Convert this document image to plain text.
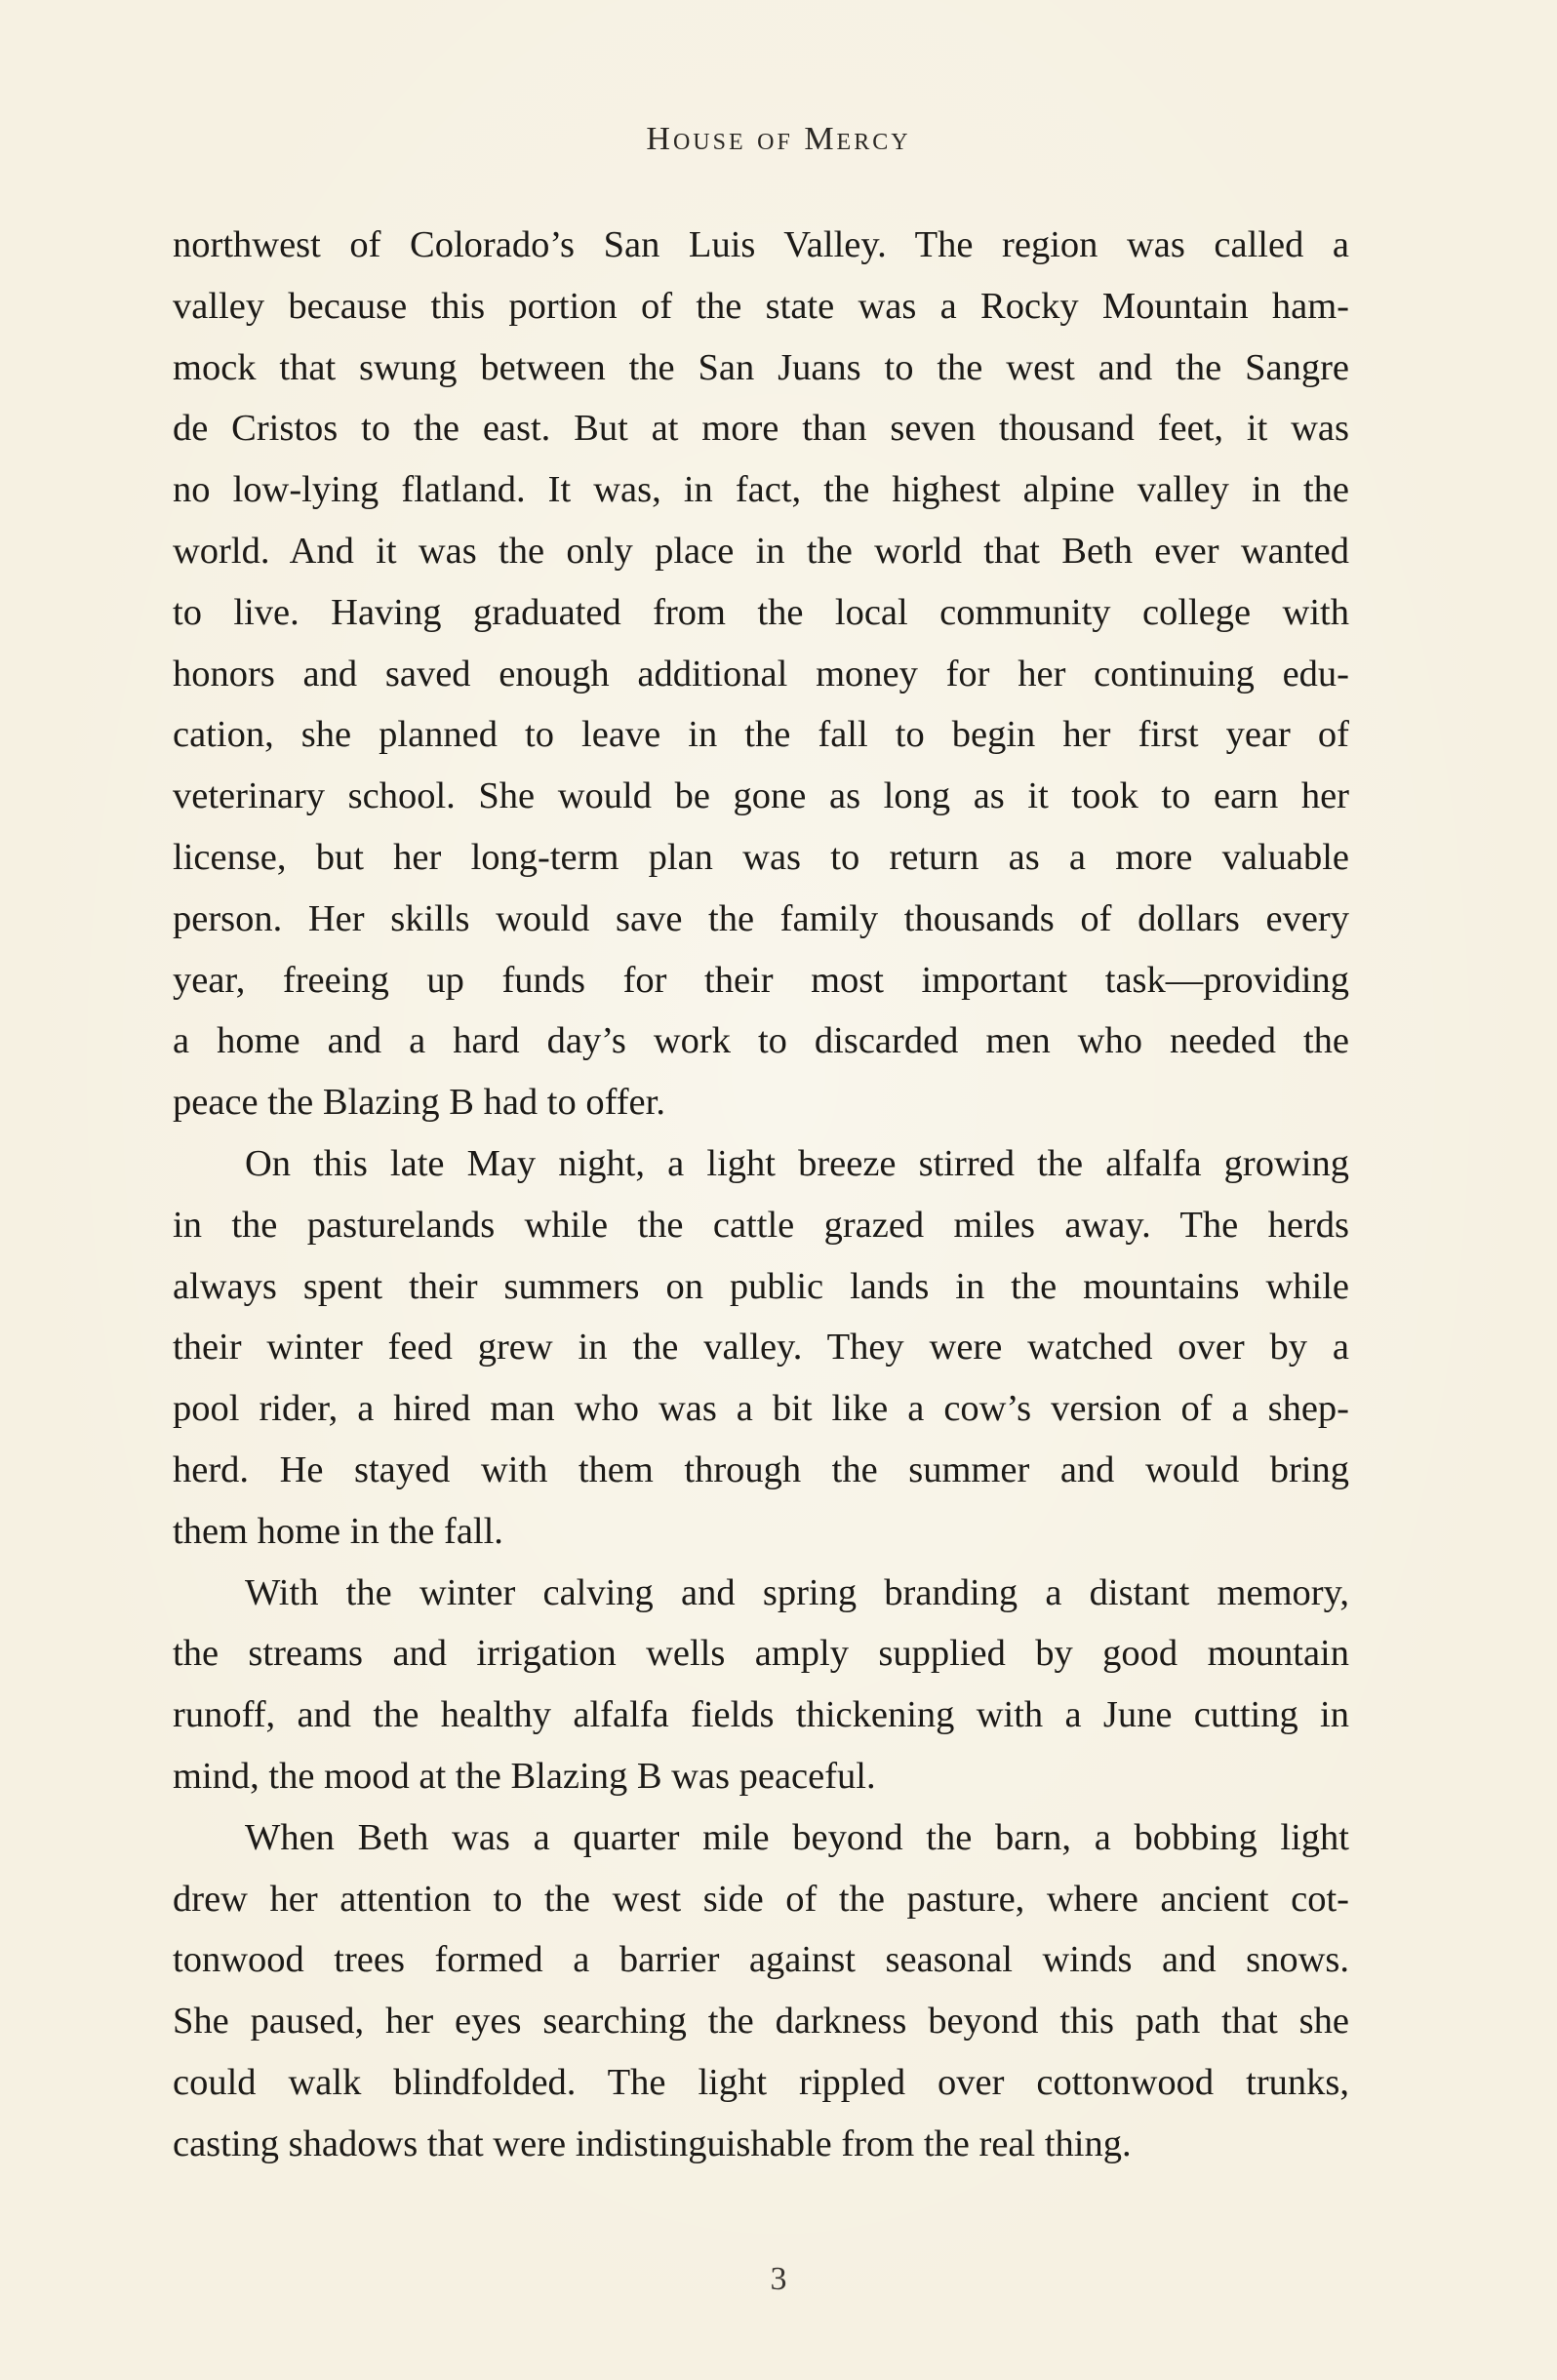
House of Mercy
northwest of Colorado’s San Luis Valley. The region was called a
valley because this portion of the state was a Rocky Mountain ham-
mock that swung between the San Juans to the west and the Sangre
de Cristos to the east. But at more than seven thousand feet, it was
no low-lying flatland. It was, in fact, the highest alpine valley in the
world. And it was the only place in the world that Beth ever wanted
to live. Having graduated from the local community college with
honors and saved enough additional money for her continuing edu-
cation, she planned to leave in the fall to begin her first year of
veterinary school. She would be gone as long as it took to earn her
license, but her long-term plan was to return as a more valuable
person. Her skills would save the family thousands of dollars every
year, freeing up funds for their most important task—providing
a home and a hard day’s work to discarded men who needed the
peace the Blazing B had to offer.
On this late May night, a light breeze stirred the alfalfa growing
in the pasturelands while the cattle grazed miles away. The herds
always spent their summers on public lands in the mountains while
their winter feed grew in the valley. They were watched over by a
pool rider, a hired man who was a bit like a cow’s version of a shep-
herd. He stayed with them through the summer and would bring
them home in the fall.
With the winter calving and spring branding a distant memory,
the streams and irrigation wells amply supplied by good mountain
runoff, and the healthy alfalfa fields thickening with a June cutting in
mind, the mood at the Blazing B was peaceful.
When Beth was a quarter mile beyond the barn, a bobbing light
drew her attention to the west side of the pasture, where ancient cot-
tonwood trees formed a barrier against seasonal winds and snows.
She paused, her eyes searching the darkness beyond this path that she
could walk blindfolded. The light rippled over cottonwood trunks,
casting shadows that were indistinguishable from the real thing.
3
